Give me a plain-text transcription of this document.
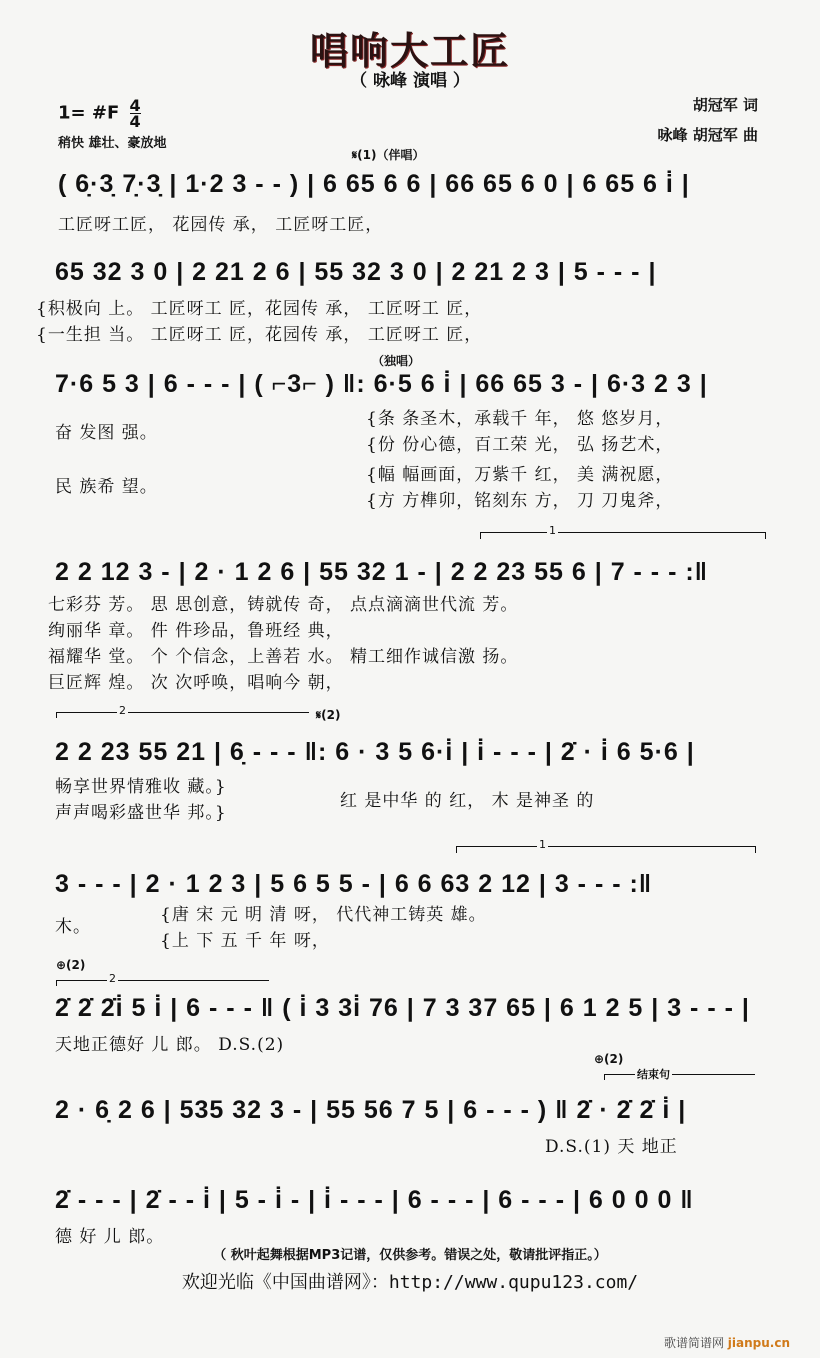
唱响大工匠
（ 咏峰 演唱 ）
1= #F $\frac{4}{4}$
稍快 雄壮、豪放地
胡冠军 词
咏峰 胡冠军 曲
𝄋(1)（伴唱）
( 6̣·3̣ 7̣·3̣ | 1·2 3 - - ) | 6 65 6 6 | 66 65 6 0 | 6 65 6 i̇ |
工匠呀工匠， 花园传 承， 工匠呀工匠，
65 32 3 0 | 2 21 2 6 | 55 32 3 0 | 2 21 2 3 | 5 - - - |
{积极向 上。 工匠呀工 匠，花园传 承， 工匠呀工 匠，
{一生担 当。 工匠呀工 匠，花园传 承， 工匠呀工 匠，
（独唱）
7·6 5 3 | 6 - - - | ( ⌐3⌐ ) ‖: 6·5 6 i̇ | 66 65 3 - | 6·3 2 3 |
奋 发图 强。
民 族希 望。
{条 条圣木，承载千 年， 悠 悠岁月，
{份 份心德，百工荣 光， 弘 扬艺术，
{幅 幅画面，万紫千 红， 美 满祝愿，
{方 方榫卯，铭刻东 方， 刀 刀鬼斧，
1
2 2 12 3 - | 2 · 1 2 6 | 55 32 1 - | 2 2 23 55 6 | 7 - - - :‖
七彩芬 芳。 思 思创意，铸就传 奇， 点点滴滴世代流 芳。
绚丽华 章。 件 件珍品，鲁班经 典，
福耀华 堂。 个 个信念，上善若 水。 精工细作诚信激 扬。
巨匠辉 煌。 次 次呼唤，唱响今 朝，
2	𝄋(2)
2 2 23 55 21 | 6̣ - - - ‖: 6 · 3 5 6·i̇ | i̇ - - - | 2̇ · i̇ 6 5·6 |
畅享世界情雅收 藏。}
声声喝彩盛世华 邦。}
红 是中华 的 红， 木 是神圣 的
1
3 - - - | 2 · 1 2 3 | 5 6 5 5 - | 6 6 63 2 12 | 3 - - - :‖
木。
{唐 宋 元 明 清 呀， 代代神工铸英 雄。
{上 下 五 千 年 呀，
⊕(2)
2
2̇ 2̇ 2̇i̇ 5 i̇ | 6 - - - ‖ ( i̇ 3 3i̇ 76 | 7 3 37 65 | 6 1 2 5 | 3 - - - |
天地正德好 儿 郎。 D.S.(2)
⊕(2)
结束句
2 · 6̣ 2 6 | 535 32 3 - | 55 56 7 5 | 6 - - - ) ‖ 2̇ · 2̇ 2̇ i̇ |
D.S.(1) 天 地正
2̇ - - - | 2̇ - - i̇ | 5 - i̇ - | i̇ - - - | 6 - - - | 6 - - - | 6 0 0 0 ‖
德 好 儿 郎。
（ 秋叶起舞根据MP3记谱，仅供参考。错误之处，敬请批评指正。）
欢迎光临《中国曲谱网》：http://www.qupu123.com/
歌谱简谱网 jianpu.cn
